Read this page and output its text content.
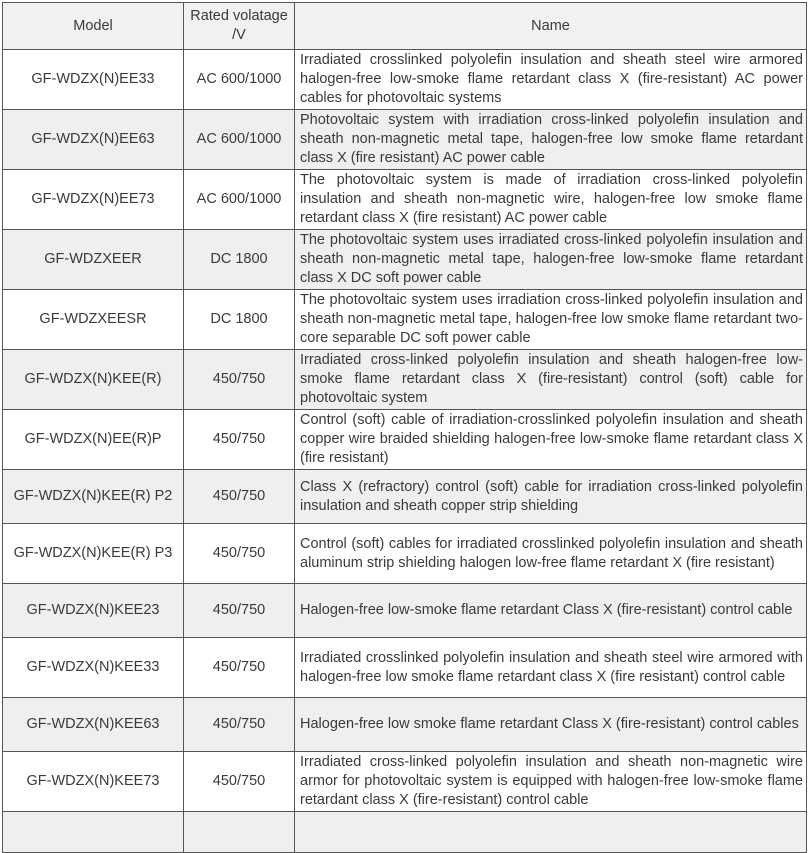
Model	Rated volatage /V	Name
GF-WDZX(N)EE33	AC 600/1000	Irradiated crosslinked polyolefin insulation and sheath steel wire armored halogen-free low-smoke flame retardant class X (fire-resistant) AC power cables for photovoltaic systems
GF-WDZX(N)EE63	AC 600/1000	Photovoltaic system with irradiation cross-linked polyolefin insulation and sheath non-magnetic metal tape, halogen-free low smoke flame retardant class X (fire resistant) AC power cable
GF-WDZX(N)EE73	AC 600/1000	The photovoltaic system is made of irradiation cross-linked polyolefin insulation and sheath non-magnetic wire, halogen-free low smoke flame retardant class X (fire resistant) AC power cable
GF-WDZXEER	DC 1800	The photovoltaic system uses irradiated cross-linked polyolefin insulation and sheath non-magnetic metal tape, halogen-free low-smoke flame retardant class X DC soft power cable
GF-WDZXEESR	DC 1800	The photovoltaic system uses irradiation cross-linked polyolefin insulation and sheath non-magnetic metal tape, halogen-free low smoke flame retardant two-core separable DC soft power cable
GF-WDZX(N)KEE(R)	450/750	Irradiated cross-linked polyolefin insulation and sheath halogen-free low-smoke flame retardant class X (fire-resistant) control (soft) cable for photovoltaic system
GF-WDZX(N)EE(R)P	450/750	Control (soft) cable of irradiation-crosslinked polyolefin insulation and sheath copper wire braided shielding halogen-free low-smoke flame retardant class X (fire resistant)
GF-WDZX(N)KEE(R) P2	450/750	Class X (refractory) control (soft) cable for irradiation cross-linked polyolefin insulation and sheath copper strip shielding
GF-WDZX(N)KEE(R) P3	450/750	Control (soft) cables for irradiated crosslinked polyolefin insulation and sheath aluminum strip shielding halogen low-free flame retardant X (fire resistant)
GF-WDZX(N)KEE23	450/750	Halogen-free low-smoke flame retardant Class X (fire-resistant) control cable
GF-WDZX(N)KEE33	450/750	Irradiated crosslinked polyolefin insulation and sheath steel wire armored with halogen-free low smoke flame retardant class X (fire resistant) control cable
GF-WDZX(N)KEE63	450/750	Halogen-free low smoke flame retardant Class X (fire-resistant) control cables
GF-WDZX(N)KEE73	450/750	Irradiated cross-linked polyolefin insulation and sheath non-magnetic wire armor for photovoltaic system is equipped with halogen-free low-smoke flame retardant class X (fire-resistant) control cable
